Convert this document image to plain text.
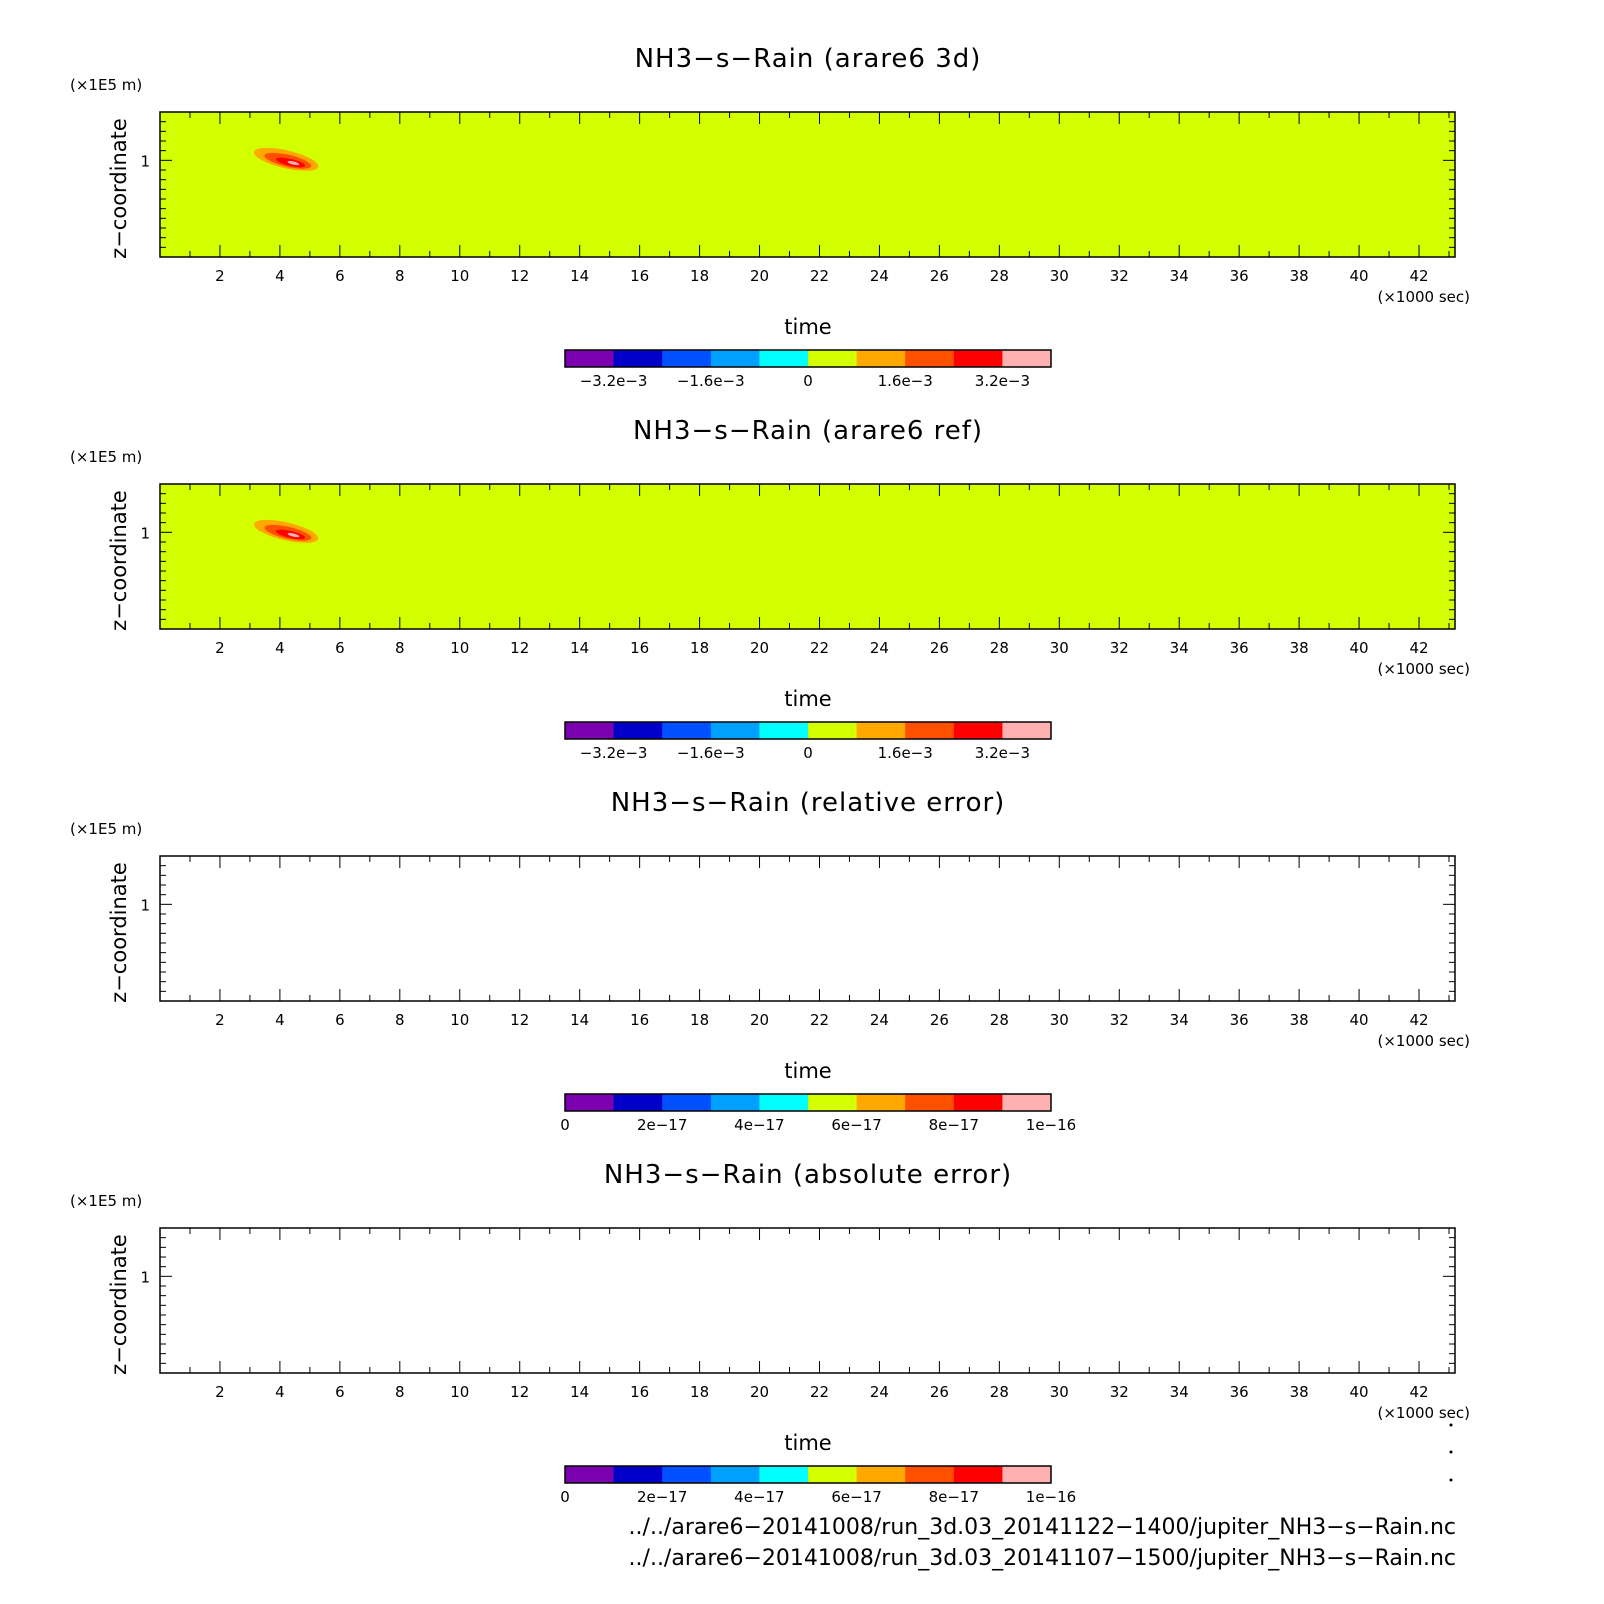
NH3−s−Rain (arare6 3d)
(×1E5 m)
2	4	6	8	10	12	14	16	18	20	22	24	26	28	30	32	34	36	38	40	42
(×1000 sec)
time
1
z−coordinate
−3.2e−3 −1.6e−3	0	1.6e−3	3.2e−3
NH3−s−Rain (arare6 ref)
(×1E5 m)
2	4	6	8	10	12	14	16	18	20	22	24	26	28	30	32	34	36	38	40	42
(×1000 sec)
time
1
z−coordinate
−3.2e−3 −1.6e−3	0	1.6e−3	3.2e−3
NH3−s−Rain (relative error)
(×1E5 m)
2	4	6	8	10	12	14	16	18	20	22	24	26	28	30	32	34	36	38	40	42
(×1000 sec)
time
1
z−coordinate
0	2e−17	4e−17	6e−17	8e−17	1e−16
NH3−s−Rain (absolute error)
(×1E5 m)
2	4	6	8	10	12	14	16	18	20	22	24	26	28	30	32	34	36	38	40	42
(×1000 sec)
time
1
z−coordinate
0	2e−17	4e−17	6e−17	8e−17	1e−16

../../arare6−20141008/run_3d.03_20141122−1400/jupiter_NH3−s−Rain.nc

../../arare6−20141008/run_3d.03_20141107−1500/jupiter_NH3−s−Rain.nc
